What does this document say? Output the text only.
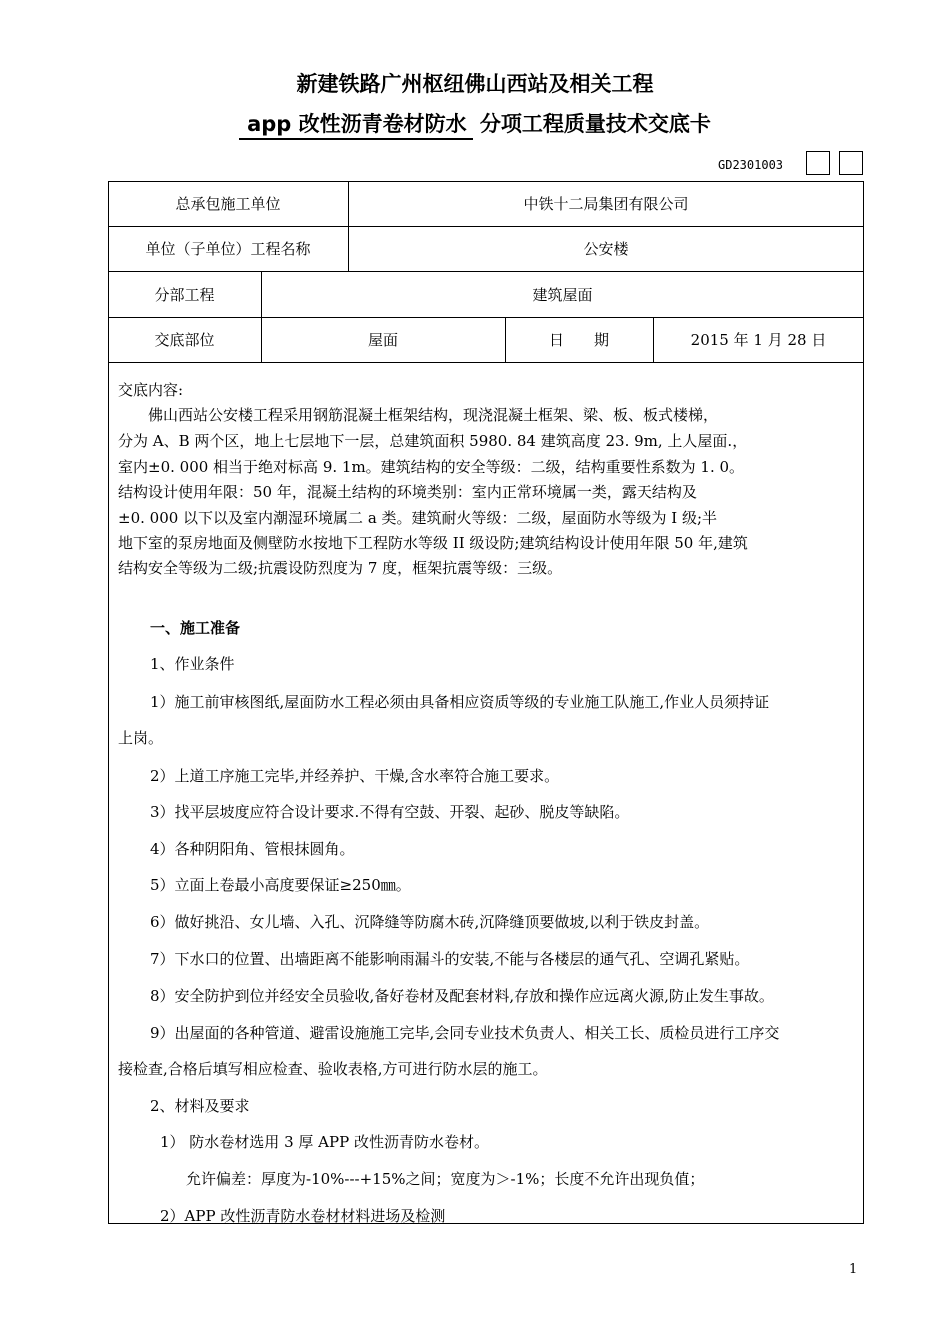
新建铁路广州枢纽佛山西站及相关工程
app 改性沥青卷材防水 分项工程质量技术交底卡
GD2301003
总承包施工单位	中铁十二局集团有限公司
单位（子单位）工程名称	公安楼
分部工程	建筑屋面
交底部位	屋面	日　　期	2015 年 1 月 28 日
交底内容:
佛山西站公安楼工程采用钢筋混凝土框架结构，现浇混凝土框架、梁、板、板式楼梯，
分为 A、B 两个区，地上七层地下一层，总建筑面积 5980. 84 建筑高度 23. 9m, 上人屋面.，
室内±0. 000 相当于绝对标高 9. 1m。建筑结构的安全等级：二级，结构重要性系数为 1. 0。
结构设计使用年限：50 年，混凝土结构的环境类别：室内正常环境属一类，露天结构及
±0. 000 以下以及室内潮湿环境属二 a 类。建筑耐火等级：二级，屋面防水等级为 I 级;半
地下室的泵房地面及侧壁防水按地下工程防水等级 II 级设防;建筑结构设计使用年限 50 年,建筑
结构安全等级为二级;抗震设防烈度为 7 度，框架抗震等级：三级。
一、施工准备
1、作业条件
1）施工前审核图纸,屋面防水工程必须由具备相应资质等级的专业施工队施工,作业人员须持证
上岗。
2）上道工序施工完毕,并经养护、干燥,含水率符合施工要求。
3）找平层坡度应符合设计要求.不得有空鼓、开裂、起砂、脱皮等缺陷。
4）各种阴阳角、管根抹圆角。
5）立面上卷最小高度要保证≥250㎜。
6）做好挑沿、女儿墙、入孔、沉降缝等防腐木砖,沉降缝顶要做坡,以利于铁皮封盖。
7）下水口的位置、出墙距离不能影响雨漏斗的安装,不能与各楼层的通气孔、空调孔紧贴。
8）安全防护到位并经安全员验收,备好卷材及配套材料,存放和操作应远离火源,防止发生事故。
9）出屋面的各种管道、避雷设施施工完毕,会同专业技术负责人、相关工长、质检员进行工序交
接检查,合格后填写相应检查、验收表格,方可进行防水层的施工。
2、材料及要求
1） 防水卷材选用 3 厚 APP 改性沥青防水卷材。
允许偏差：厚度为-10%---+15%之间；宽度为＞-1%；长度不允许出现负值；
2）APP 改性沥青防水卷材材料进场及检测
1
